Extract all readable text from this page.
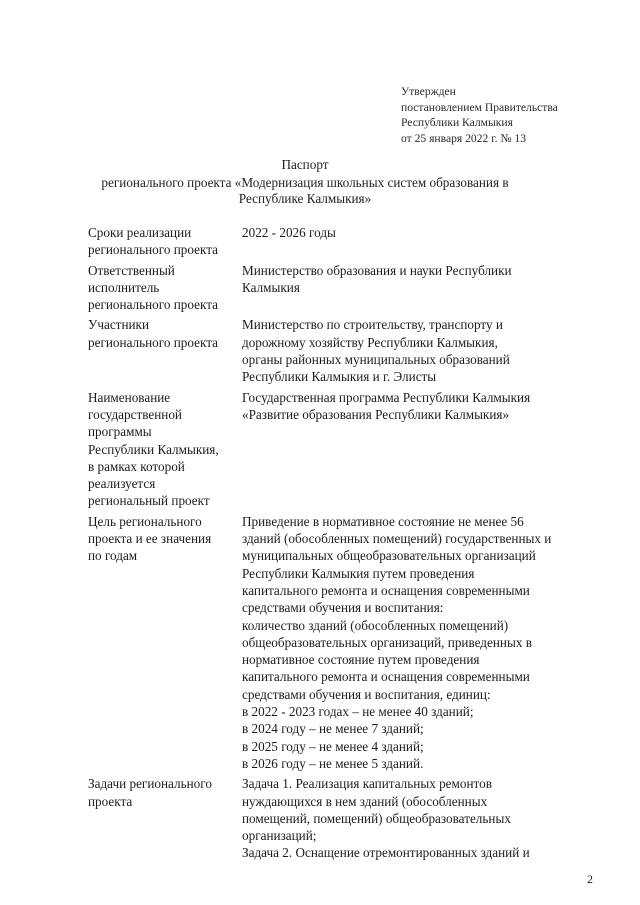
Утвержден
постановлением Правительства
Республики Калмыкия
от 25 января 2022 г. № 13
Паспорт
регионального проекта «Модернизация школьных систем образования в
Республике Калмыкия»
Сроки реализации
регионального проекта
2022 - 2026 годы
Ответственный
исполнитель
регионального проекта
Министерство образования и науки Республики
Калмыкия
Участники
регионального проекта
Министерство по строительству, транспорту и
дорожному хозяйству Республики Калмыкия,
органы районных муниципальных образований
Республики Калмыкия и г. Элисты
Наименование
государственной
программы
Республики Калмыкия,
в рамках которой
реализуется
региональный проект
Государственная программа Республики Калмыкия
«Развитие образования Республики Калмыкия»
Цель регионального
проекта и ее значения
по годам
Приведение в нормативное состояние не менее 56
зданий (обособленных помещений) государственных и
муниципальных общеобразовательных организаций
Республики Калмыкия путем проведения
капитального ремонта и оснащения современными
средствами обучения и воспитания:
количество зданий (обособленных помещений)
общеобразовательных организаций, приведенных в
нормативное состояние путем проведения
капитального ремонта и оснащения современными
средствами обучения и воспитания, единиц:
в 2022 - 2023 годах – не менее 40 зданий;
в 2024 году – не менее 7 зданий;
в 2025 году – не менее 4 зданий;
в 2026 году – не менее 5 зданий.
Задачи регионального
проекта
Задача 1. Реализация капитальных ремонтов
нуждающихся в нем зданий (обособленных
помещений, помещений) общеобразовательных
организаций;
Задача 2. Оснащение отремонтированных зданий и
2
